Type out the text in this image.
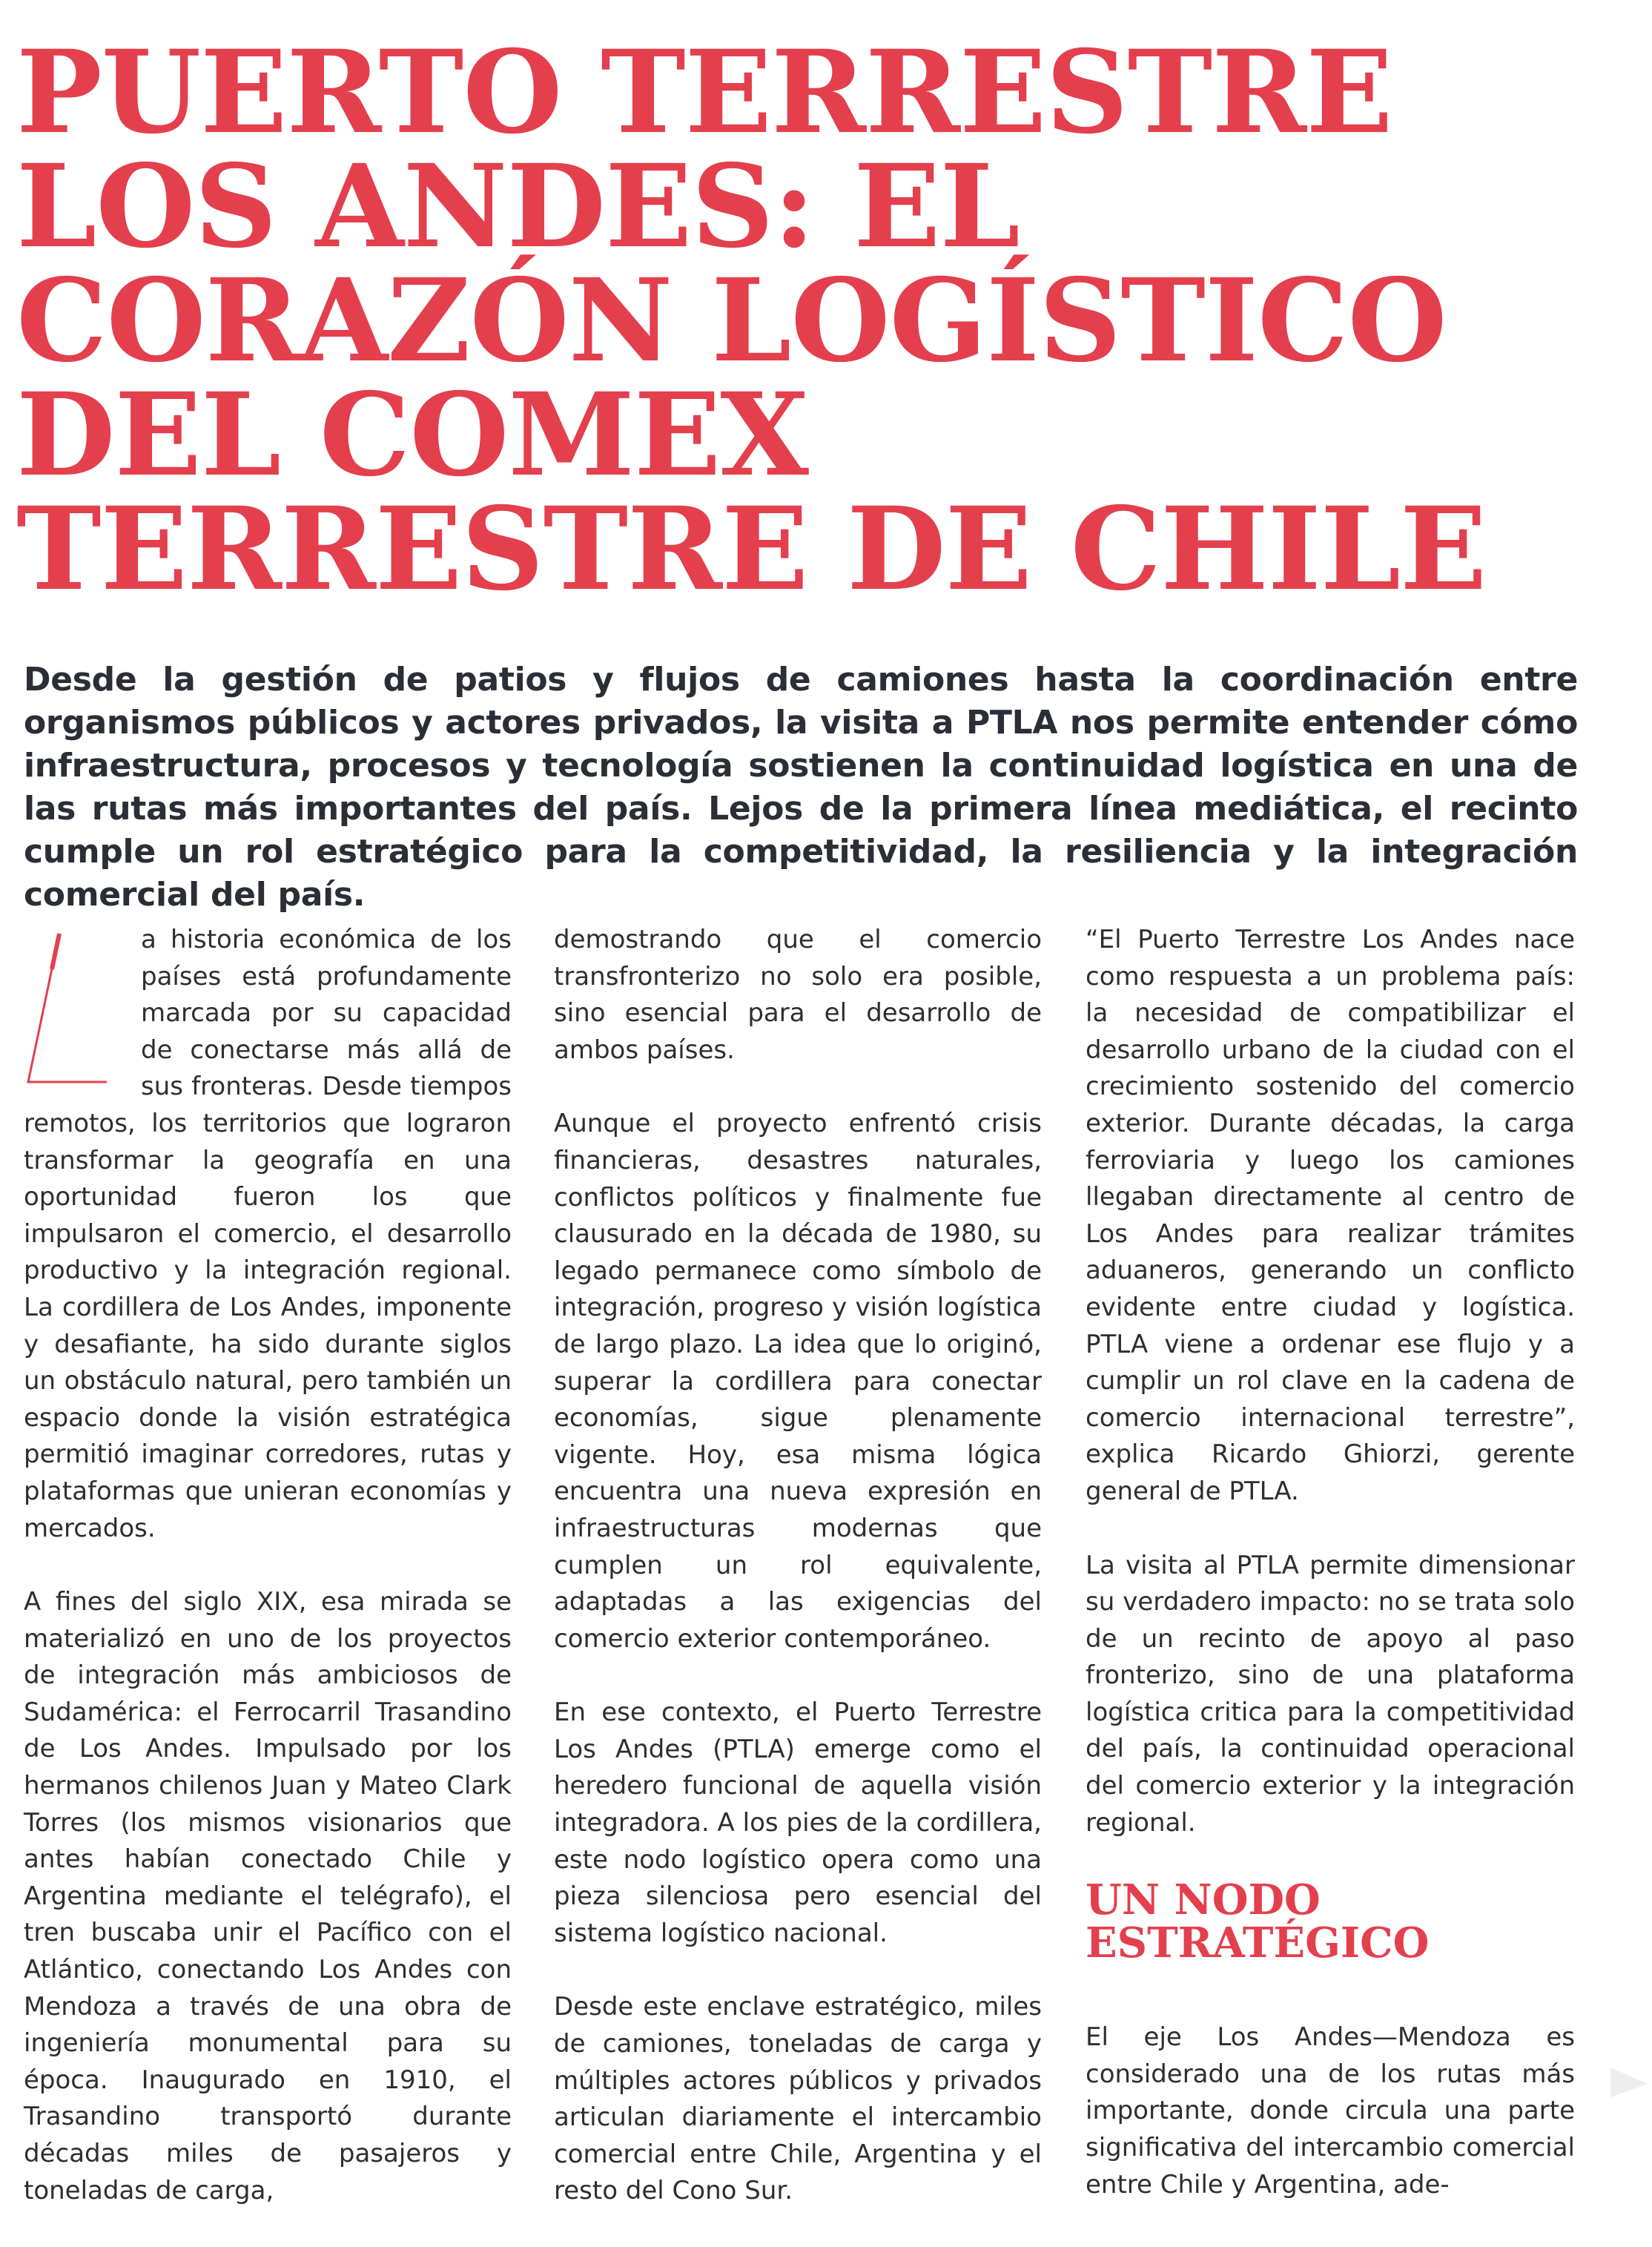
PUERTO TERRESTRE
LOS ANDES: EL
CORAZÓN LOGÍSTICO
DEL COMEX
TERRESTRE DE CHILE

Desde la gestión de patios y flujos de camiones hasta la coordinación entre organismos públicos y actores privados, la visita a PTLA nos permite entender cómo infraestructura, procesos y tecnología sostienen la continuidad logística en una de las rutas más importantes del país. Lejos de la primera línea mediática, el recinto cumple un rol estratégico para la competitividad, la resiliencia y la integración comercial del país.

a historia económica de los países está profundamente marcada por su capacidad de conectarse más allá de sus fronteras. Desde tiempos remotos, los territorios que lograron transformar la geografía en una oportunidad fueron los que impulsaron el comercio, el desarrollo productivo y la integración regional. La cordillera de Los Andes, imponente y desafiante, ha sido durante siglos un obstáculo natural, pero también un espacio donde la visión estratégica permitió imaginar corredores, rutas y plataformas que unieran economías y mercados.

A fines del siglo XIX, esa mirada se materializó en uno de los proyectos de integración más ambiciosos de Sudamérica: el Ferrocarril Trasandino de Los Andes. Impulsado por los hermanos chilenos Juan y Mateo Clark Torres (los mismos visionarios que antes habían conectado Chile y Argentina mediante el telégrafo), el tren buscaba unir el Pacífico con el Atlántico, conectando Los Andes con Mendoza a través de una obra de ingeniería monumental para su época. Inaugurado en 1910, el Trasandino transportó durante décadas miles de pasajeros y toneladas de carga,

demostrando que el comercio transfronterizo no solo era posible, sino esencial para el desarrollo de ambos países.

Aunque el proyecto enfrentó crisis financieras, desastres naturales, conflictos políticos y finalmente fue clausurado en la década de 1980, su legado permanece como símbolo de integración, progreso y visión logística de largo plazo. La idea que lo originó, superar la cordillera para conectar economías, sigue plenamente vigente. Hoy, esa misma lógica encuentra una nueva expresión en infraestructuras modernas que cumplen un rol equivalente, adaptadas a las exigencias del comercio exterior contemporáneo.

En ese contexto, el Puerto Terrestre Los Andes (PTLA) emerge como el heredero funcional de aquella visión integradora. A los pies de la cordillera, este nodo logístico opera como una pieza silenciosa pero esencial del sistema logístico nacional.

Desde este enclave estratégico, miles de camiones, toneladas de carga y múltiples actores públicos y privados articulan diariamente el intercambio comercial entre Chile, Argentina y el resto del Cono Sur.

“El Puerto Terrestre Los Andes nace como respuesta a un problema país: la necesidad de compatibilizar el desarrollo urbano de la ciudad con el crecimiento sostenido del comercio exterior. Durante décadas, la carga ferroviaria y luego los camiones llegaban directamente al centro de Los Andes para realizar trámites aduaneros, generando un conflicto evidente entre ciudad y logística. PTLA viene a ordenar ese flujo y a cumplir un rol clave en la cadena de comercio internacional terrestre”, explica Ricardo Ghiorzi, gerente general de PTLA.

La visita al PTLA permite dimensionar su verdadero impacto: no se trata solo de un recinto de apoyo al paso fronterizo, sino de una plataforma logística critica para la competitividad del país, la continuidad operacional del comercio exterior y la integración regional.

UN NODO
ESTRATÉGICO

El eje Los Andes—Mendoza es considerado una de los rutas más importante, donde circula una parte significativa del intercambio comercial entre Chile y Argentina, ade-
